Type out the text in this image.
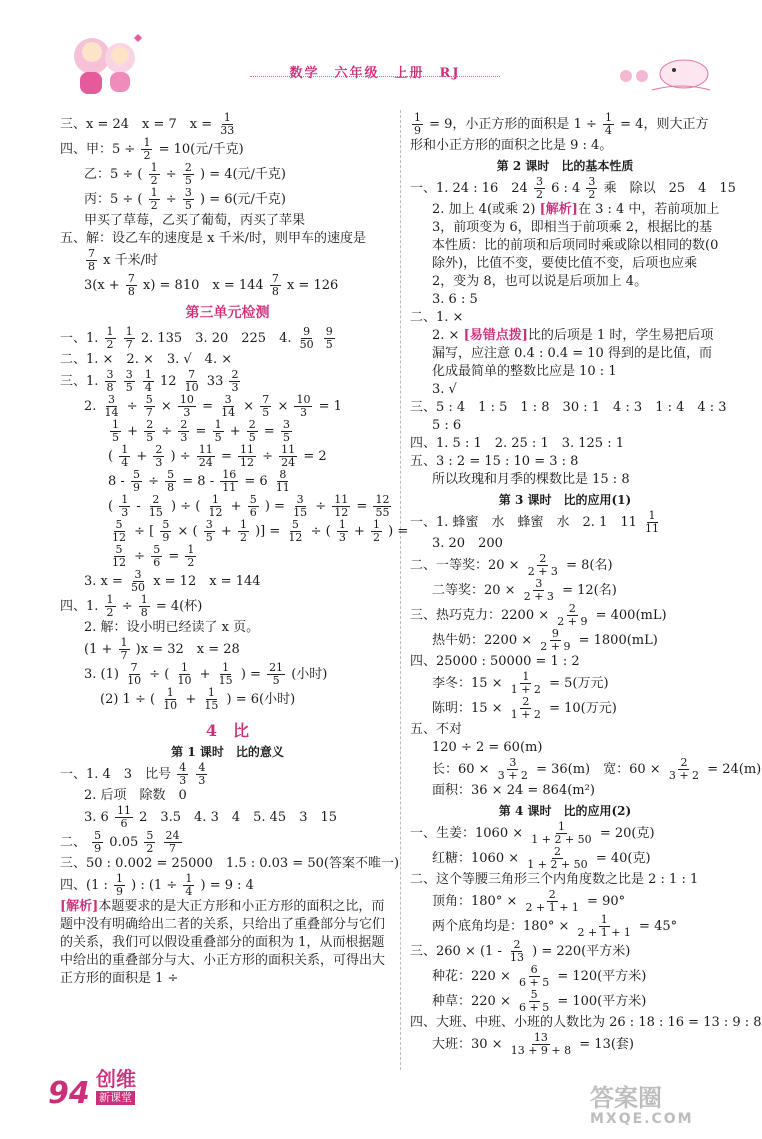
数学　六年级　上册　RJ
三、x = 24　x = 7　$x = \frac{1}{33}$
四、甲：$5 \div \frac{1}{2} = 10$(元/千克)
乙：5 ÷ ( $\frac{1}{2} \div \frac{2}{5}$ ) = 4(元/千克)
丙：5 ÷ ( $\frac{1}{2} \div \frac{3}{5}$ ) = 6(元/千克)
甲买了草莓，乙买了葡萄，丙买了苹果
五、解：设乙车的速度是 x 千米/时，则甲车的速度是
$\frac{7}{8}$ x 千米/时
$3(x + \frac{7}{8} x) = 810$　$x = 144 \frac{7}{8}$ x = 126
第三单元检测
一、1. $\frac{1}{2}$
$\frac{1}{7} 2$. 135　3. 20　225　4. $\frac{9}{50}$
$\frac{9}{5}$
二、1. ×　2. ×　3. √　4. ×
三、1. $\frac{3}{8}$
$\frac{3}{5}$
$\frac{1}{4} 12 \frac{7}{10} 33 \frac{2}{3}$
2. $\frac{3}{14} \div \frac{5}{7} \times \frac{10}{3} = \frac{3}{14} \times \frac{7}{5} \times \frac{10}{3} = 1$
$\frac{1}{5} + \frac{2}{5} \div \frac{2}{3} = \frac{1}{5} + \frac{2}{5} = \frac{3}{5}$
( $\frac{1}{4} + \frac{2}{3}$ ) ÷ $\frac{11}{24} = \frac{11}{12} \div \frac{11}{24} = 2$
$8 - \frac{5}{9} \div \frac{5}{8} = 8 - \frac{16}{11} = 6 \frac{8}{11}$
( $\frac{1}{3} - \frac{2}{15}$ ) ÷ ( $\frac{1}{12} + \frac{5}{6}$ ) = $\frac{3}{15} \div \frac{11}{12} = \frac{12}{55}$
$\frac{5}{12}$ ÷ [ $\frac{5}{9}$ × ( $\frac{3}{5} + \frac{1}{2}$ )] = $\frac{5}{12}$ ÷ ( $\frac{1}{3} + \frac{1}{2}$ ) =
$\frac{5}{12} \div \frac{5}{6} = \frac{1}{2}$
3. $x = \frac{3}{50}$ x = 12　x = 144
四、1. $\frac{1}{2} \div \frac{1}{8} = 4$(杯)
2. 解：设小明已经读了 x 页。
$(1 + \frac{1}{7} )x = 32$　x = 28
3. $(1) \frac{7}{10}$ ÷ ( $\frac{1}{10} + \frac{1}{15}$ ) = $\frac{21}{5}$ (小时)
(2) 1 ÷ ( $\frac{1}{10} + \frac{1}{15}$ ) = 6(小时)
4　比
第 1 课时　比的意义
一、1. 4　3　比号 $\frac{4}{3}$
$\frac{4}{3}$
2. 后项　除数　0
3. $6 \frac{11}{6} 2$　3.5　4. 3　4　5. 45　3　15
二、 $\frac{5}{9} 0.05 \frac{5}{2}$
$\frac{24}{7}$
三、50 : 0.002 = 25000　1.5 : 0.03 = 50(答案不唯一)
四、(1 : $\frac{1}{9}$ ) : ($1 \div \frac{1}{4}$ ) = 9 : 4
[解析]本题要求的是大正方形和小正方形的面积之比，而题中没有明确给出二者的关系，只给出了重叠部分与它们的关系，我们可以假设重叠部分的面积为 1，从而根据题中给出的重叠部分与大、小正方形的面积关系，可得出大正方形的面积是 1 ÷
$\frac{1}{9} = 9$，小正方形的面积是 $1 \div \frac{1}{4} = 4$，则大正方
形和小正方形的面积之比是 9 : 4。
第 2 课时　比的基本性质
一、1. 24 : 16　$24 \frac{3}{2} 6$ : $4 \frac{3}{2}$ 乘　除以　25　4　15
2. 加上 4(或乘 2) [解析]在 3 : 4 中，若前项加上 3，前项变为 6，即相当于前项乘 2，根据比的基本性质：比的前项和后项同时乘或除以相同的数(0 除外)，比值不变，要使比值不变，后项也应乘 2，变为 8，也可以说是后项加上 4。
3. 6 : 5
二、1. ×
2. × [易错点拨]比的后项是 1 时，学生易把后项漏写，应注意 0.4 : 0.4 = 10 得到的是比值，而化成最简单的整数比应是 10 : 1
3. √
三、5 : 4　1 : 5　1 : 8　30 : 1　4 : 3　1 : 4　4 : 3
5 : 6
四、1. 5 : 1　2. 25 : 1　3. 125 : 1
五、3 : 2 = 15 : 10 = 3 : 8
所以玫瑰和月季的棵数比是 15 : 8
第 3 课时　比的应用(1)
一、1. 蜂蜜　水　蜂蜜　水　2. 1　$11 \frac{1}{11}$
3. 20　200
二、一等奖：$20 \times \frac{2}{2 + 3} = 8$(名)
二等奖：$20 \times \frac{3}{2 + 3} = 12$(名)
三、热巧克力：$2200 \times \frac{2}{2 + 9} = 400(mL)$
热牛奶：$2200 \times \frac{9}{2 + 9} = 1800(mL)$
四、25000 : 50000 = 1 : 2
李冬：$15 \times \frac{1}{1 + 2} = 5$(万元)
陈明：$15 \times \frac{2}{1 + 2} = 10$(万元)
五、不对
120 ÷ 2 = 60(m)
长：$60 \times \frac{3}{3 + 2} = 36(m)$　宽：$60 \times \frac{2}{3 + 2} = 24(m)$
面积：36 × 24 = 864(m²)
第 4 课时　比的应用(2)
一、生姜：$1060 \times \frac{1}{1 + 2 + 50} = 20$(克)
红糖：$1060 \times \frac{2}{1 + 2 + 50} = 40$(克)
二、这个等腰三角形三个内角度数之比是 2 : 1 : 1
顶角：$180^\circ \times \frac{2}{2 + 1 + 1} = 90^\circ$
两个底角均是：$180^\circ \times \frac{1}{2 + 1 + 1} = 45^\circ$
三、$260 \times (1 - \frac{2}{13}$ ) = 220(平方米)
种花：$220 \times \frac{6}{6 + 5} = 120$(平方米)
种草：$220 \times \frac{5}{6 + 5} = 100$(平方米)
四、大班、中班、小班的人数比为 26 : 18 : 16 = 13 : 9 : 8
大班：$30 \times \frac{13}{13 + 9 + 8} = 13$(套)
94 创维
新课堂	答案圈
MXQE.COM
